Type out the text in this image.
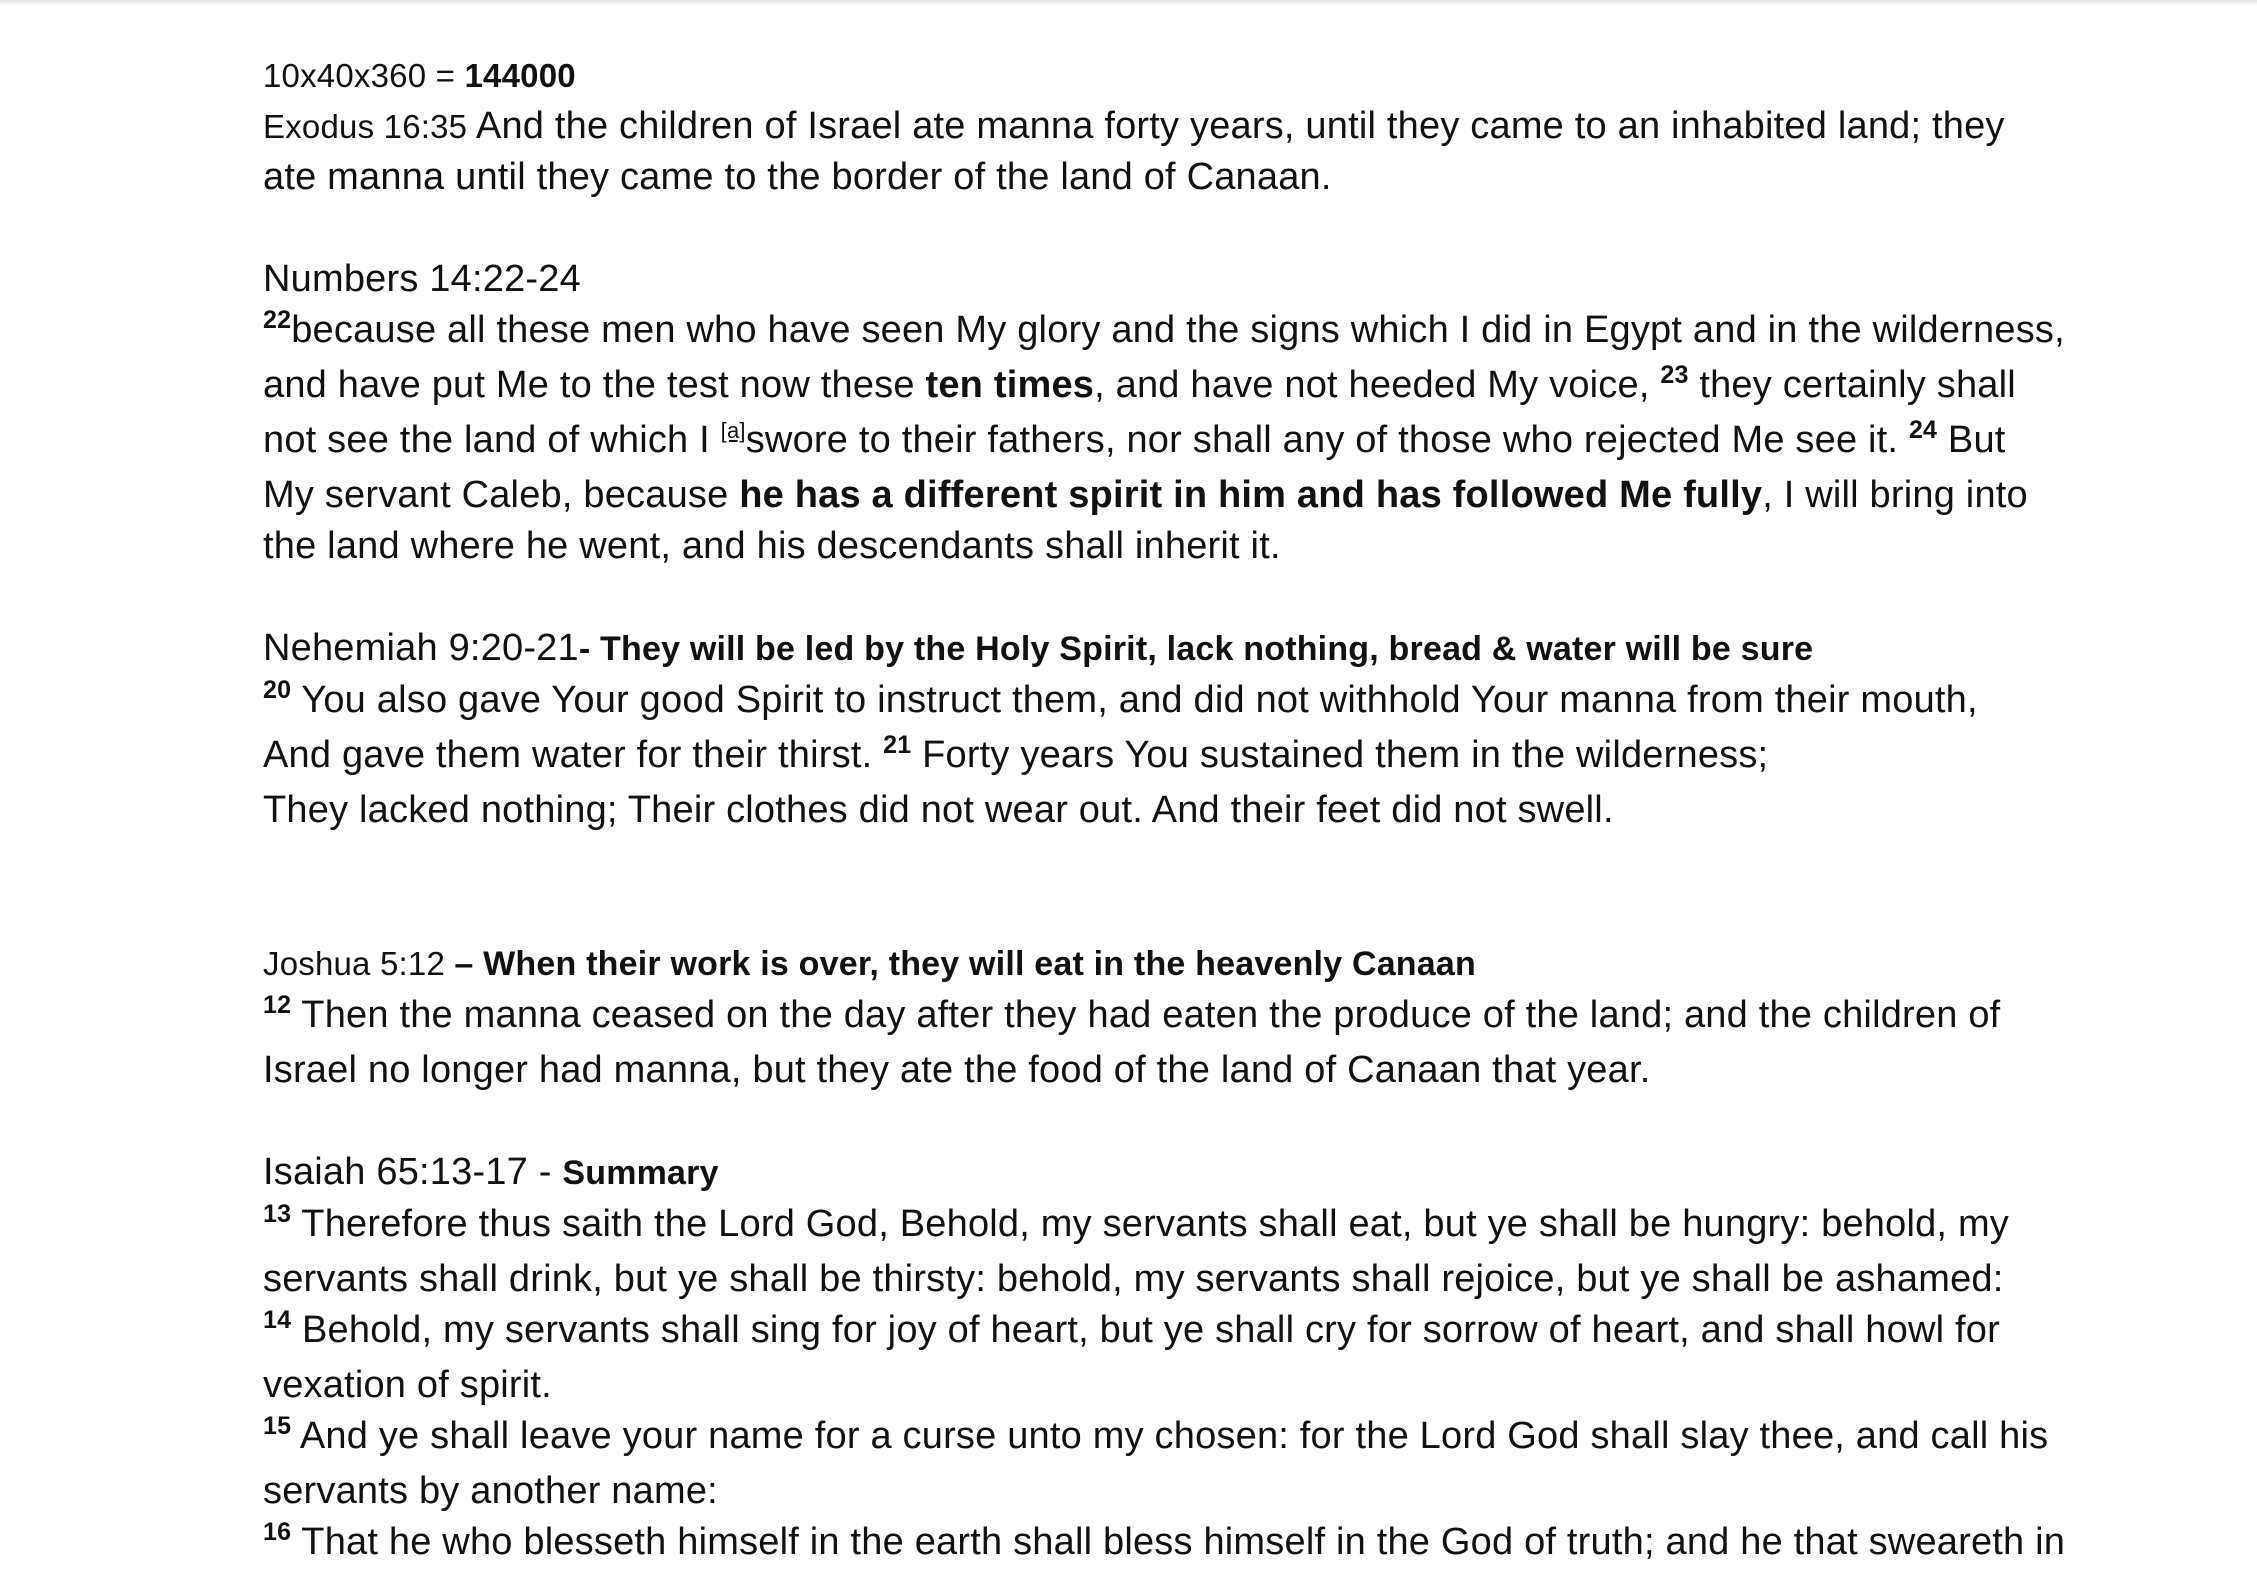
10x40x360 = 144000
Exodus 16:35 And the children of Israel ate manna forty years, until they came to an inhabited land; they
ate manna until they came to the border of the land of Canaan.
Numbers 14:22-24
$^{22}$because all these men who have seen My glory and the signs which I did in Egypt and in the wilderness,
and have put Me to the test now these ten times, and have not heeded My voice, $^{23}$ they certainly shall
not see the land of which I [a]swore to their fathers, nor shall any of those who rejected Me see it. $^{24}$ But
My servant Caleb, because he has a different spirit in him and has followed Me fully, I will bring into
the land where he went, and his descendants shall inherit it.
Nehemiah 9:20-21- They will be led by the Holy Spirit, lack nothing, bread & water will be sure
$^{20}$ You also gave Your good Spirit to instruct them, and did not withhold Your manna from their mouth,
And gave them water for their thirst. $^{21}$ Forty years You sustained them in the wilderness;
They lacked nothing; Their clothes did not wear out. And their feet did not swell.
Joshua 5:12 – When their work is over, they will eat in the heavenly Canaan
$^{12}$ Then the manna ceased on the day after they had eaten the produce of the land; and the children of
Israel no longer had manna, but they ate the food of the land of Canaan that year.
Isaiah 65:13-17 - Summary
$^{13}$ Therefore thus saith the Lord God, Behold, my servants shall eat, but ye shall be hungry: behold, my
servants shall drink, but ye shall be thirsty: behold, my servants shall rejoice, but ye shall be ashamed:
$^{14}$ Behold, my servants shall sing for joy of heart, but ye shall cry for sorrow of heart, and shall howl for
vexation of spirit.
$^{15}$ And ye shall leave your name for a curse unto my chosen: for the Lord God shall slay thee, and call his
servants by another name:
$^{16}$ That he who blesseth himself in the earth shall bless himself in the God of truth; and he that sweareth in
